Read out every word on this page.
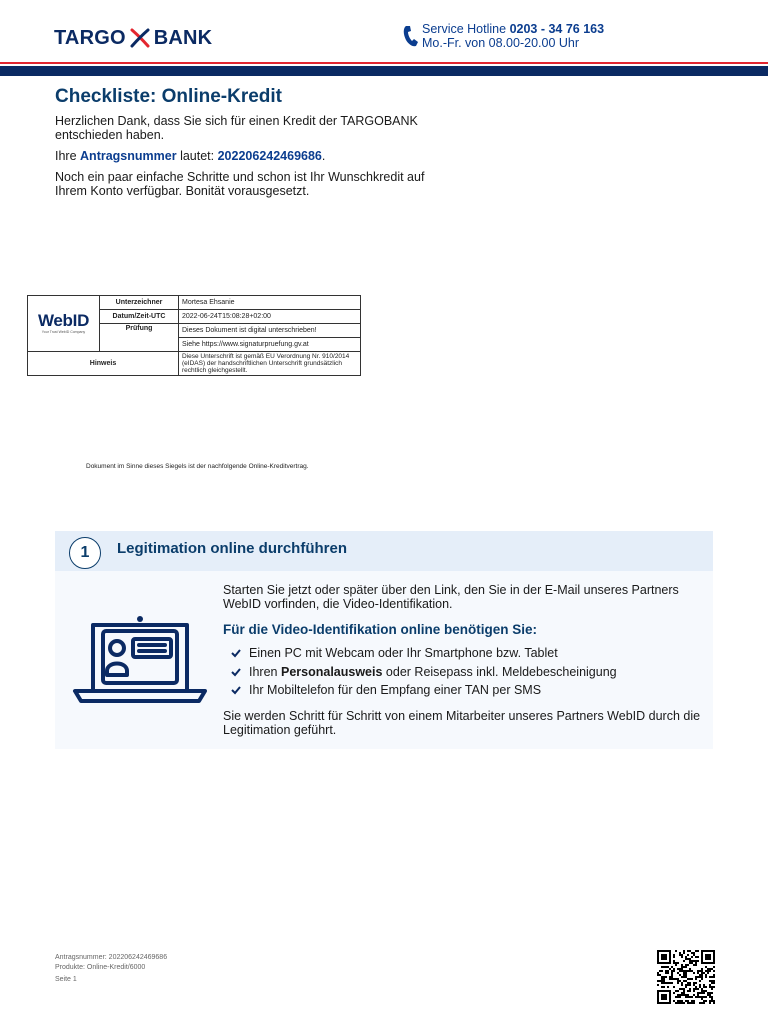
TARGO BANK	Service Hotline 0203 - 34 76 163
Mo.-Fr. von 08.00-20.00 Uhr
Checkliste: Online-Kredit

Herzlichen Dank, dass Sie sich für einen Kredit der TARGOBANK entschieden haben.

Ihre Antragsnummer lautet: 202206242469686.

Noch ein paar einfache Schritte und schon ist Ihr Wunschkredit auf Ihrem Konto verfügbar. Bonität vorausgesetzt.

WebID
Your Trust WebID Company	Unterzeichner	Mortesa Ehsanie
	Datum/Zeit-UTC	2022-06-24T15:08:28+02:00
	Prüfung	Dieses Dokument ist digital unterschrieben!
		Siehe https://www.signaturpruefung.gv.at
Hinweis		Diese Unterschrift ist gemäß EU Verordnung Nr. 910/2014 (eIDAS) der handschriftlichen Unterschrift grundsätzlich rechtlich gleichgestellt.
Dokument im Sinne dieses Siegels ist der nachfolgende Online-Kreditvertrag.
1	Legitimation online durchführen

Starten Sie jetzt oder später über den Link, den Sie in der E-Mail unseres Partners WebID vorfinden, die Video-Identifikation.

Für die Video-Identifikation online benötigen Sie:

Einen PC mit Webcam oder Ihr Smartphone bzw. Tablet
Ihren Personalausweis oder Reisepass inkl. Meldebescheinigung
Ihr Mobiltelefon für den Empfang einer TAN per SMS

Sie werden Schritt für Schritt von einem Mitarbeiter unseres Partners WebID durch die Legitimation geführt.

Antragsnummer: 202206242469686
Produkte: Online-Kredit/6000
Seite 1
